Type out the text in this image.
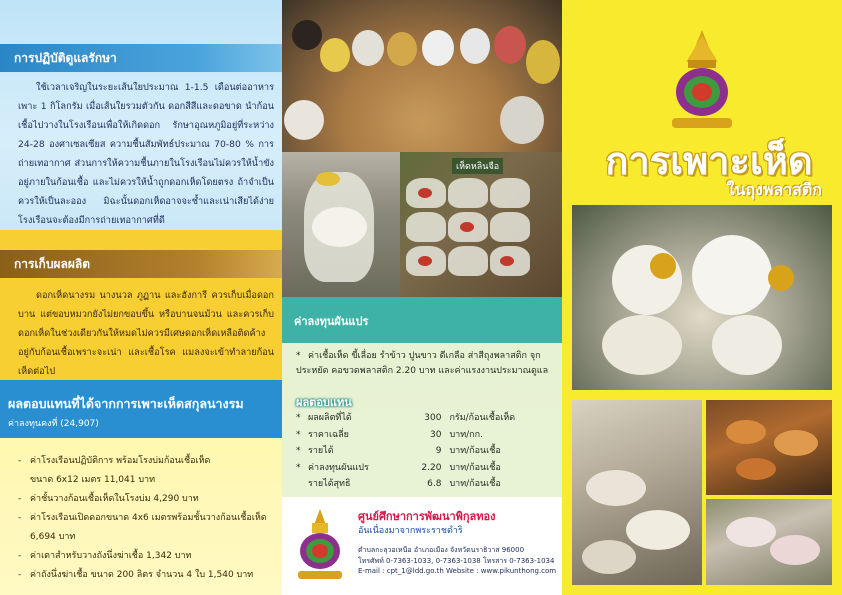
การปฏิบัติดูแลรักษา

ใช้เวลาเจริญในระยะเส้นใยประมาณ 1-1.5 เดือนต่ออาหาร เพาะ 1 กิโลกรัม เมื่อเส้นใยรวมตัวกัน ดอกสีสีและดอขาด นำก้อนเชื้อไปวางในโรงเรือนเพื่อให้เกิดดอก รักษาอุณหภูมิอยู่ที่ระหว่าง 24-28 องศาเซลเซียส ความชื้นสัมพัทธ์ประมาณ 70-80 % การถ่ายเทอากาศ ส่วนการให้ความชื้นภายในโรงเรือนไม่ควรให้น้ำขังอยู่ภายในก้อนเชื้อ และไม่ควรให้น้ำถูกดอกเห็ดโดยตรง ถ้าจำเป็นควรให้เป็นละออง มิฉะนั้นดอกเห็ดอาจจะช้ำและเน่าเสียได้ง่าย โรงเรือนจะต้องมีการถ่ายเทอากาศที่ดี

การเก็บผลผลิต

ดอกเห็ดนางรม นางนวล ภูฏาน และฮังการี ควรเก็บเมื่อดอกบาน แต่ขอบหมวกยังไม่ยกขอบขึ้น หรือบานจนม้วน และควรเก็บดอกเห็ดในช่วงเดียวกันให้หมดไม่ควรมีเศษดอกเห็ดเหลือติดค้างอยู่กับก้อนเชื้อเพราะจะเน่า และเชื้อโรค แมลงจะเข้าทำลายก้อนเห็ดต่อไป

ผลตอบแทนที่ได้จากการเพาะเห็ดสกุลนางรม
ค่าลงทุนคงที่ (24,907)
- ค่าโรงเรือนปฏิบัติการ พร้อมโรงบ่มก้อนเชื้อเห็ด
ขนาด 6x12 เมตร 11,041 บาท
- ค่าชั้นวางก้อนเชื้อเห็ดในโรงบ่ม 4,290 บาท
- ค่าโรงเรือนเปิดดอกขนาด 4x6 เมตรพร้อมชั้นวางก้อนเชื้อเห็ด
6,694 บาท
- ค่าเตาสำหรับวางถังนึ่งฆ่าเชื้อ 1,342 บาท
- ค่าถังนึ่งฆ่าเชื้อ ขนาด 200 ลิตร จำนวน 4 ใบ 1,540 บาท
เห็ดหลินจือ
ค่าลงทุนผันแปร

* ค่าเชื้อเห็ด ขี้เลื่อย รำข้าว ปูนขาว ดีเกลือ ส่าสีถุงพลาสติก จุกประหยัด คอขวดพลาสติก 2.20 บาท และค่าแรงงานประมาณดูแล

ผลตอบแทน
*	ผลผลิตที่ได้	300	กรัม/ก้อนเชื้อเห็ด
*	ราคาเฉลี่ย	30	บาท/กก.
*	รายได้	9	บาท/ก้อนเชื้อ
*	ค่าลงทุนผันแปร	2.20	บาท/ก้อนเชื้อ
	รายได้สุทธิ	6.8	บาท/ก้อนเชื้อ
ศูนย์ศึกษาการพัฒนาพิกุลทอง
อันเนื่องมาจากพระราชดำริ
ตำบลกะลุวอเหนือ อำเภอเมือง จังหวัดนราธิวาส 96000
โทรศัพท์ 0-7363-1033, 0-7363-1038 โทรสาร 0-7363-1034
E-mail : cpt_1@ldd.go.th Website : www.pikunthong.com
การเพาะเห็ด
ในถุงพลาสติก
